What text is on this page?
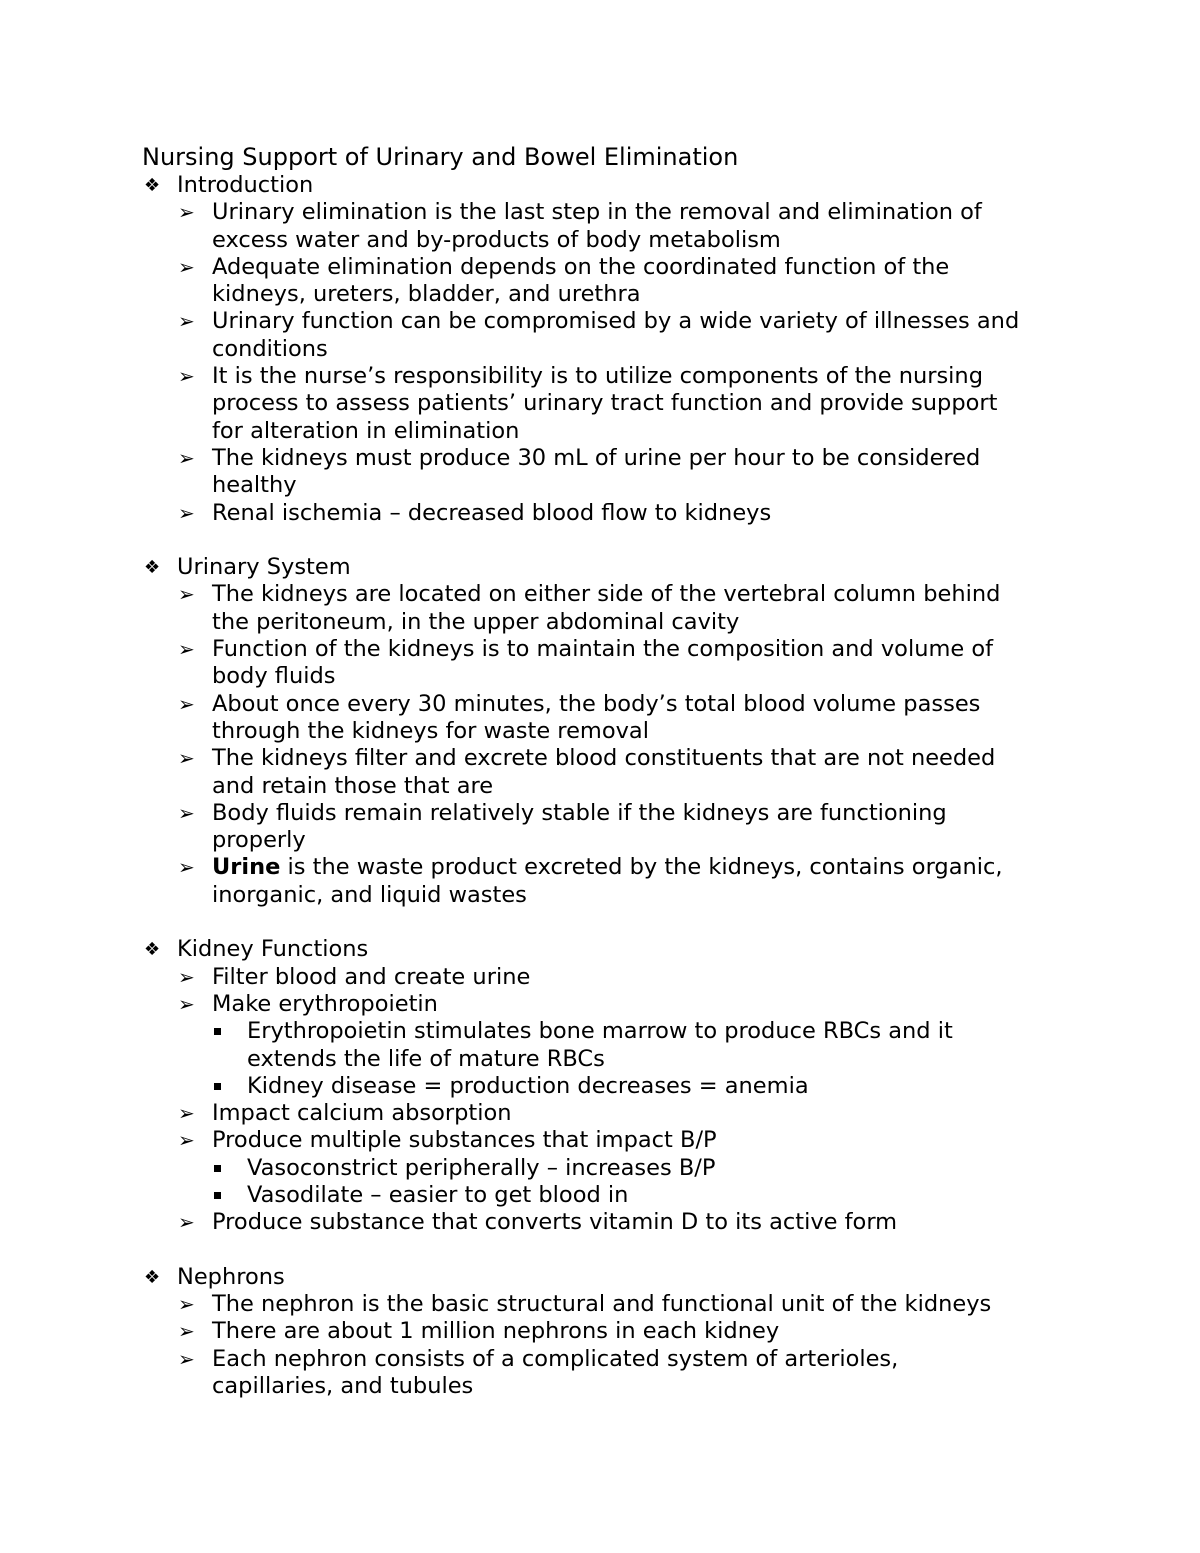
Nursing Support of Urinary and Bowel Elimination
❖ Introduction
➢ Urinary elimination is the last step in the removal and elimination of
excess water and by-products of body metabolism
➢ Adequate elimination depends on the coordinated function of the
kidneys, ureters, bladder, and urethra
➢ Urinary function can be compromised by a wide variety of illnesses and
conditions
➢ It is the nurse’s responsibility is to utilize components of the nursing
process to assess patients’ urinary tract function and provide support
for alteration in elimination
➢ The kidneys must produce 30 mL of urine per hour to be considered
healthy
➢ Renal ischemia – decreased blood flow to kidneys
❖ Urinary System
➢ The kidneys are located on either side of the vertebral column behind
the peritoneum, in the upper abdominal cavity
➢ Function of the kidneys is to maintain the composition and volume of
body fluids
➢ About once every 30 minutes, the body’s total blood volume passes
through the kidneys for waste removal
➢ The kidneys filter and excrete blood constituents that are not needed
and retain those that are
➢ Body fluids remain relatively stable if the kidneys are functioning
properly
➢ Urine is the waste product excreted by the kidneys, contains organic,
inorganic, and liquid wastes
❖ Kidney Functions
➢ Filter blood and create urine
➢ Make erythropoietin
Erythropoietin stimulates bone marrow to produce RBCs and it
extends the life of mature RBCs
Kidney disease = production decreases = anemia
➢ Impact calcium absorption
➢ Produce multiple substances that impact B/P
Vasoconstrict peripherally – increases B/P
Vasodilate – easier to get blood in
➢ Produce substance that converts vitamin D to its active form
❖ Nephrons
➢ The nephron is the basic structural and functional unit of the kidneys
➢ There are about 1 million nephrons in each kidney
➢ Each nephron consists of a complicated system of arterioles,
capillaries, and tubules
